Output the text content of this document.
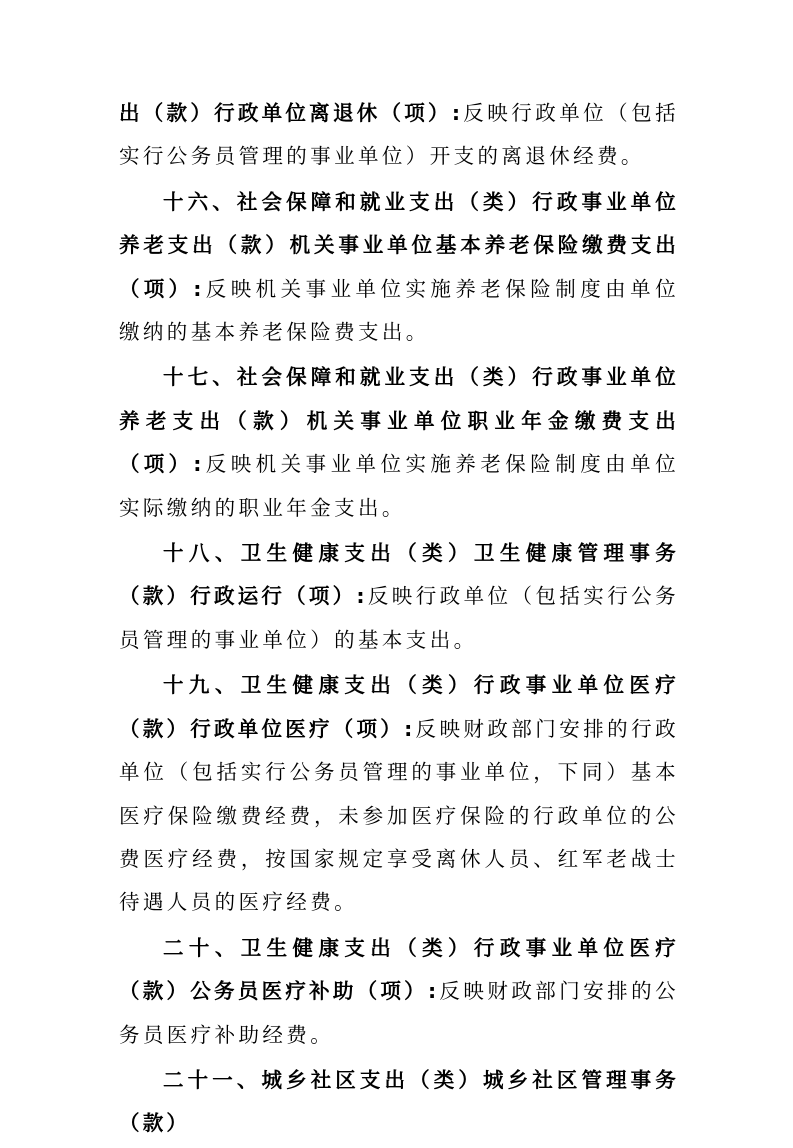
出（款）行政单位离退休（项）:反映行政单位（包括实行公务员管理的事业单位）开支的离退休经费。

十六、社会保障和就业支出（类）行政事业单位养老支出（款）机关事业单位基本养老保险缴费支出（项）:反映机关事业单位实施养老保险制度由单位缴纳的基本养老保险费支出。

十七、社会保障和就业支出（类）行政事业单位养老支出（款）机关事业单位职业年金缴费支出（项）:反映机关事业单位实施养老保险制度由单位实际缴纳的职业年金支出。

十八、卫生健康支出（类）卫生健康管理事务（款）行政运行（项）:反映行政单位（包括实行公务员管理的事业单位）的基本支出。

十九、卫生健康支出（类）行政事业单位医疗（款）行政单位医疗（项）:反映财政部门安排的行政单位（包括实行公务员管理的事业单位，下同）基本医疗保险缴费经费，未参加医疗保险的行政单位的公费医疗经费，按国家规定享受离休人员、红军老战士待遇人员的医疗经费。

二十、卫生健康支出（类）行政事业单位医疗（款）公务员医疗补助（项）:反映财政部门安排的公务员医疗补助经费。

二十一、城乡社区支出（类）城乡社区管理事务（款）
